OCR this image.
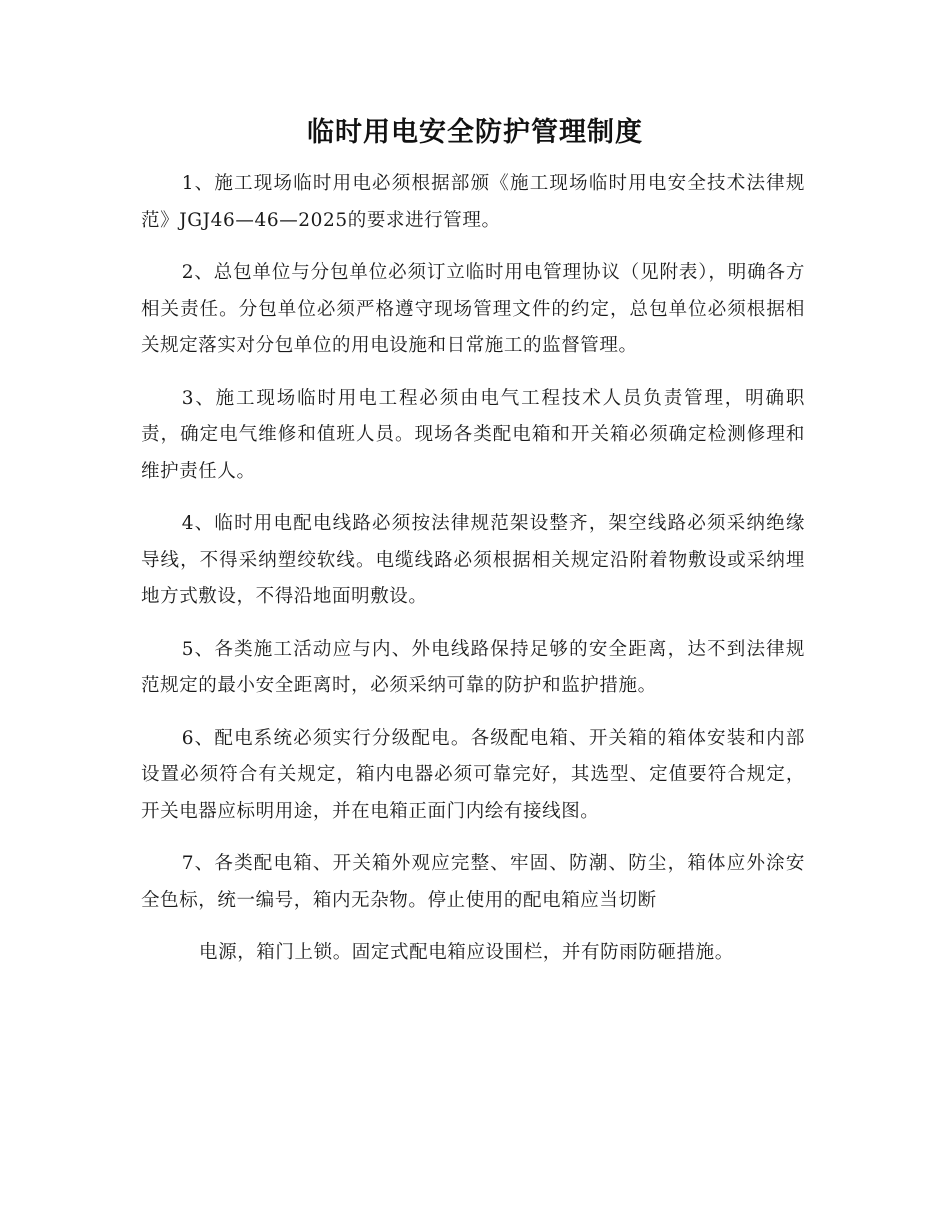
临时用电安全防护管理制度

1、施工现场临时用电必须根据部颁《施工现场临时用电安全技术法律规范》JGJ46—46—2025的要求进行管理。

2、总包单位与分包单位必须订立临时用电管理协议（见附表），明确各方相关责任。分包单位必须严格遵守现场管理文件的约定，总包单位必须根据相关规定落实对分包单位的用电设施和日常施工的监督管理。

3、施工现场临时用电工程必须由电气工程技术人员负责管理，明确职责，确定电气维修和值班人员。现场各类配电箱和开关箱必须确定检测修理和维护责任人。

4、临时用电配电线路必须按法律规范架设整齐，架空线路必须采纳绝缘导线，不得采纳塑绞软线。电缆线路必须根据相关规定沿附着物敷设或采纳埋地方式敷设，不得沿地面明敷设。

5、各类施工活动应与内、外电线路保持足够的安全距离，达不到法律规范规定的最小安全距离时，必须采纳可靠的防护和监护措施。

6、配电系统必须实行分级配电。各级配电箱、开关箱的箱体安装和内部设置必须符合有关规定，箱内电器必须可靠完好，其选型、定值要符合规定，开关电器应标明用途，并在电箱正面门内绘有接线图。

7、各类配电箱、开关箱外观应完整、牢固、防潮、防尘，箱体应外涂安全色标，统一编号，箱内无杂物。停止使用的配电箱应当切断

电源，箱门上锁。固定式配电箱应设围栏，并有防雨防砸措施。
